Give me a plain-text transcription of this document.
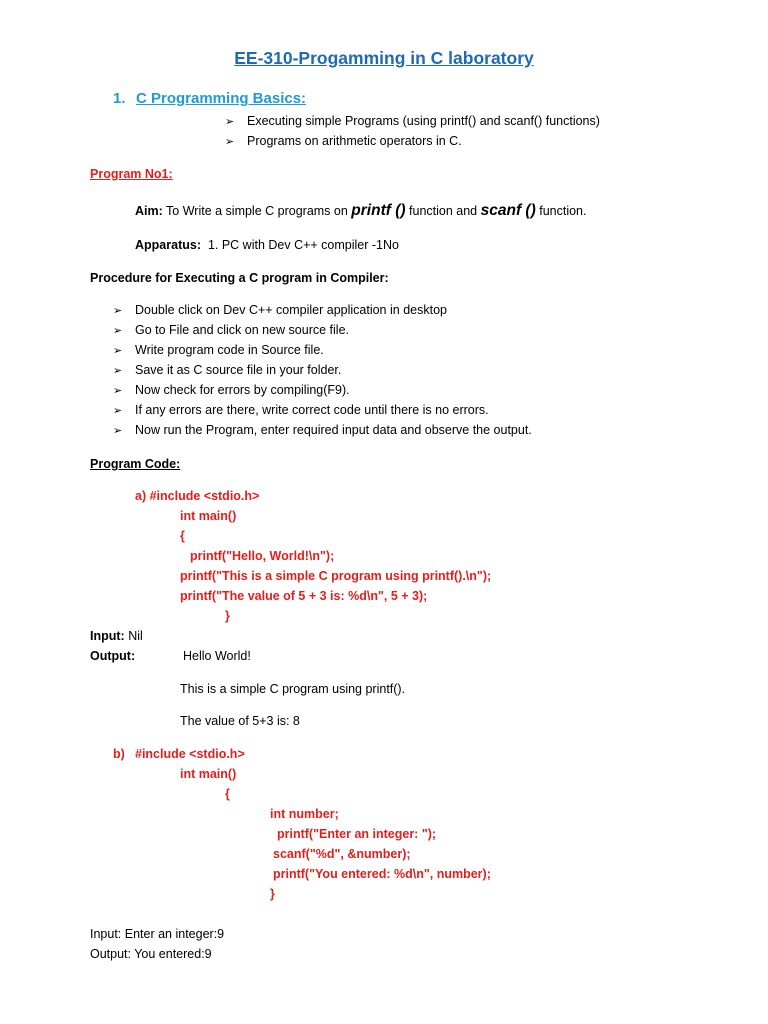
EE-310-Progamming in C laboratory
1. C Programming Basics:
➢ Executing simple Programs (using printf() and scanf() functions)
➢ Programs on arithmetic operators in C.
Program No1:
Aim: To Write a simple C programs on printf () function and scanf () function.
Apparatus: 1. PC with Dev C++ compiler -1No
Procedure for Executing a C program in Compiler:
➢ Double click on Dev C++ compiler application in desktop
➢ Go to File and click on new source file.
➢ Write program code in Source file.
➢ Save it as C source file in your folder.
➢ Now check for errors by compiling(F9).
➢ If any errors are there, write correct code until there is no errors.
➢ Now run the Program, enter required input data and observe the output.
Program Code:
a) #include <stdio.h>
int main()
{
printf("Hello, World!\n");
printf("This is a simple C program using printf().\n");
printf("The value of 5 + 3 is: %d\n", 5 + 3);
}
Input: Nil
Output:	Hello World!
This is a simple C program using printf().
The value of 5+3 is: 8
b) #include <stdio.h>
int main()
{
int number;
printf("Enter an integer: ");
scanf("%d", &number);
printf("You entered: %d\n", number);
}
Input: Enter an integer:9
Output: You entered:9
